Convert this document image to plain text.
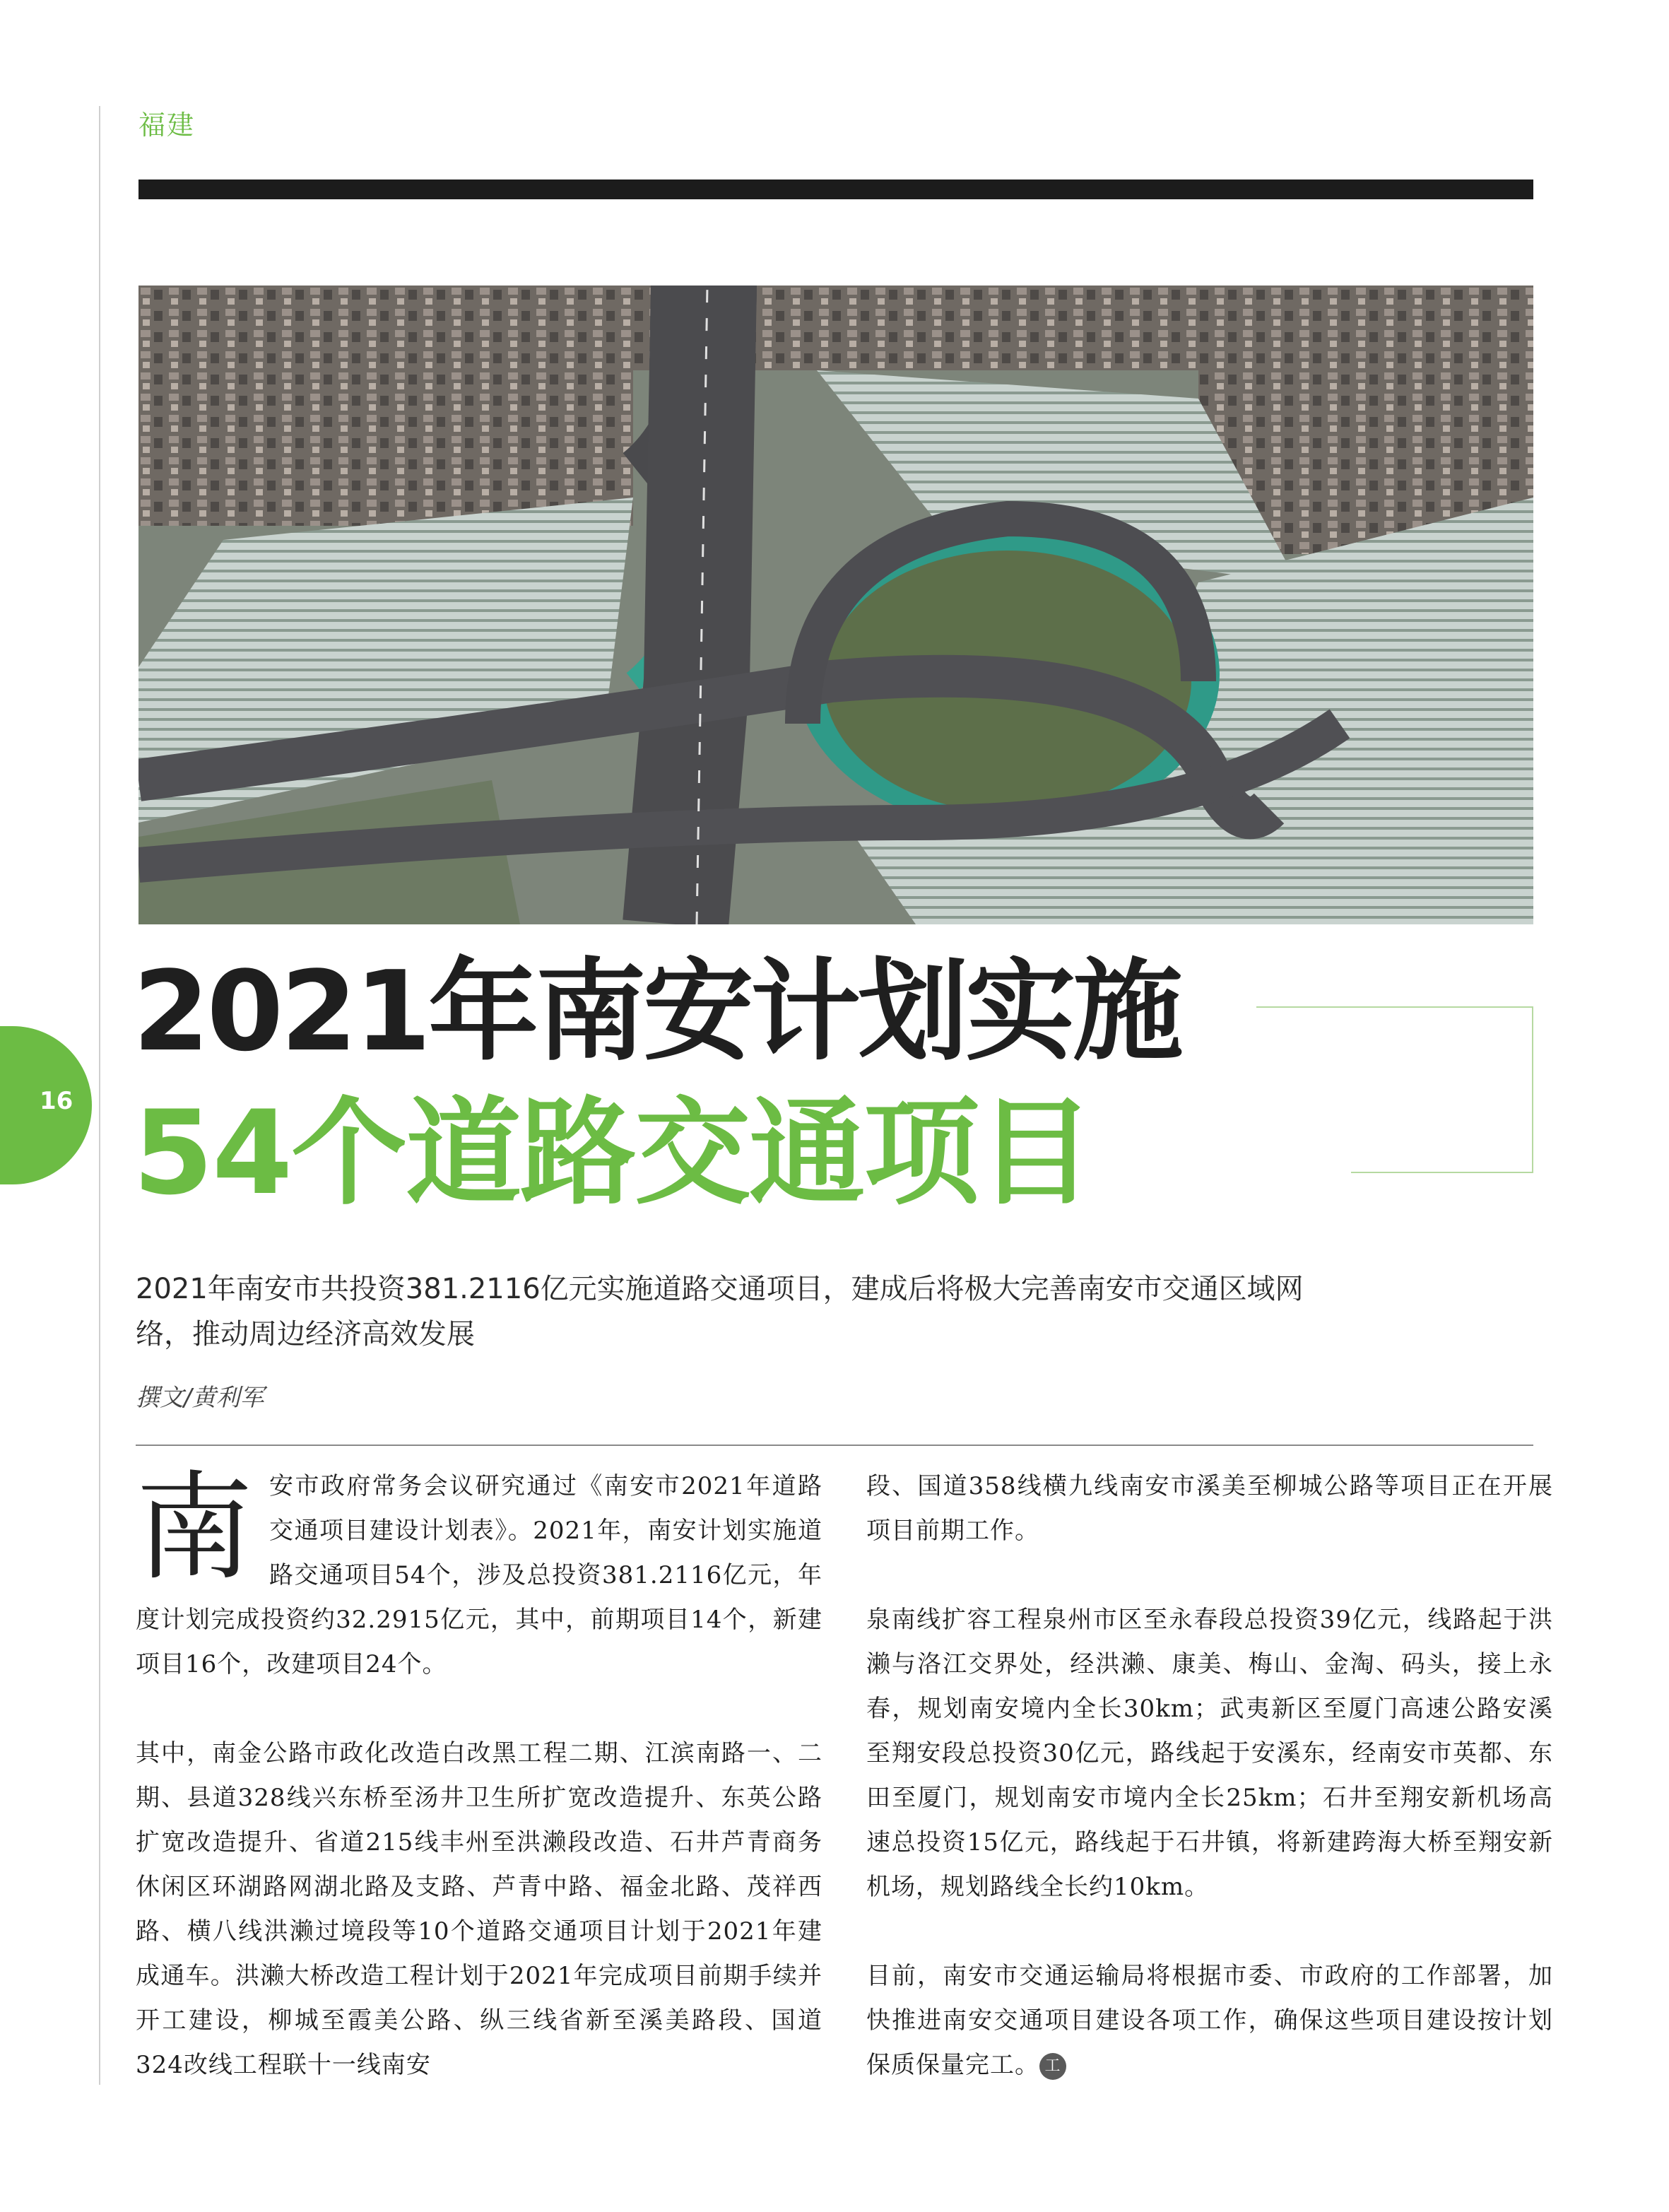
福建
16
2021年南安计划实施
54个道路交通项目
2021年南安市共投资381.2116亿元实施道路交通项目，建成后将极大完善南安市交通区域网络，推动周边经济高效发展
撰文/黄利军

南安市政府常务会议研究通过《南安市2021年道路交通项目建设计划表》。2021年，南安计划实施道路交通项目54个，涉及总投资381.2116亿元，年度计划完成投资约32.2915亿元，其中，前期项目14个，新建项目16个，改建项目24个。

其中，南金公路市政化改造白改黑工程二期、江滨南路一、二期、县道328线兴东桥至汤井卫生所扩宽改造提升、东英公路扩宽改造提升、省道215线丰州至洪濑段改造、石井芦青商务休闲区环湖路网湖北路及支路、芦青中路、福金北路、茂祥西路、横八线洪濑过境段等10个道路交通项目计划于2021年建成通车。洪濑大桥改造工程计划于2021年完成项目前期手续并开工建设，柳城至霞美公路、纵三线省新至溪美路段、国道324改线工程联十一线南安

段、国道358线横九线南安市溪美至柳城公路等项目正在开展项目前期工作。

泉南线扩容工程泉州市区至永春段总投资39亿元，线路起于洪濑与洛江交界处，经洪濑、康美、梅山、金淘、码头，接上永春，规划南安境内全长30km；武夷新区至厦门高速公路安溪至翔安段总投资30亿元，路线起于安溪东，经南安市英都、东田至厦门，规划南安市境内全长25km；石井至翔安新机场高速总投资15亿元，路线起于石井镇，将新建跨海大桥至翔安新机场，规划路线全长约10km。

目前，南安市交通运输局将根据市委、市政府的工作部署，加快推进南安交通项目建设各项工作，确保这些项目建设按计划保质保量完工。 工
